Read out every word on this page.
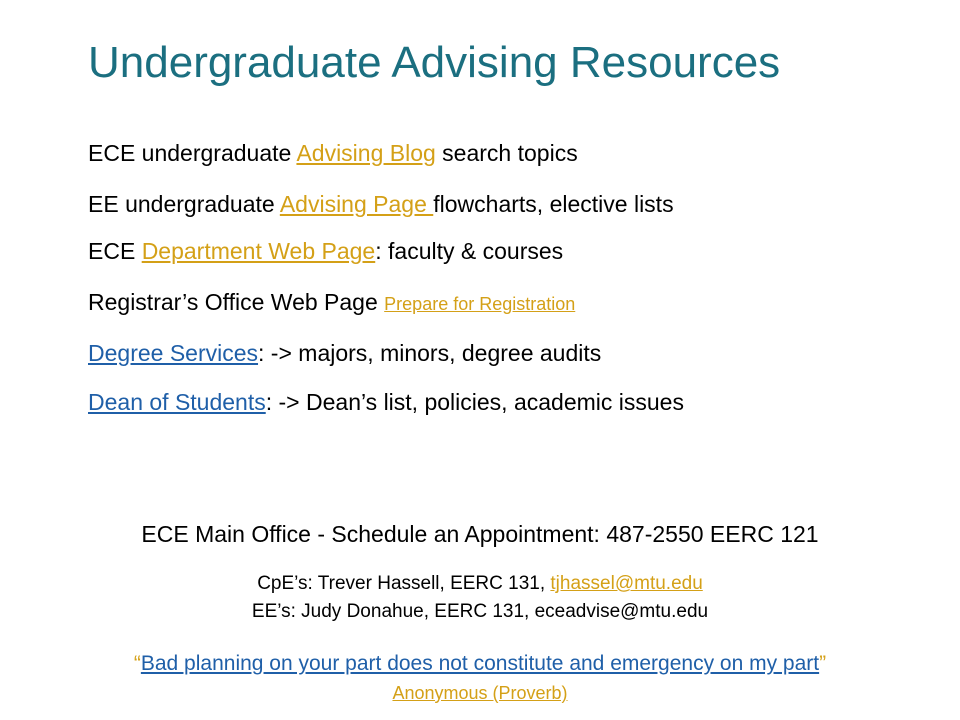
Undergraduate Advising Resources
ECE undergraduate Advising Blog search topics
EE undergraduate Advising Page flowcharts, elective lists
ECE Department Web Page: faculty & courses
Registrar’s Office Web Page Prepare for Registration
Degree Services: -> majors, minors, degree audits
Dean of Students: -> Dean’s list, policies, academic issues
ECE Main Office - Schedule an Appointment: 487-2550 EERC 121
CpE’s: Trever Hassell, EERC 131, tjhassel@mtu.edu
EE’s: Judy Donahue, EERC 131, eceadvise@mtu.edu
“Bad planning on your part does not constitute and emergency on my part”
Anonymous (Proverb)
